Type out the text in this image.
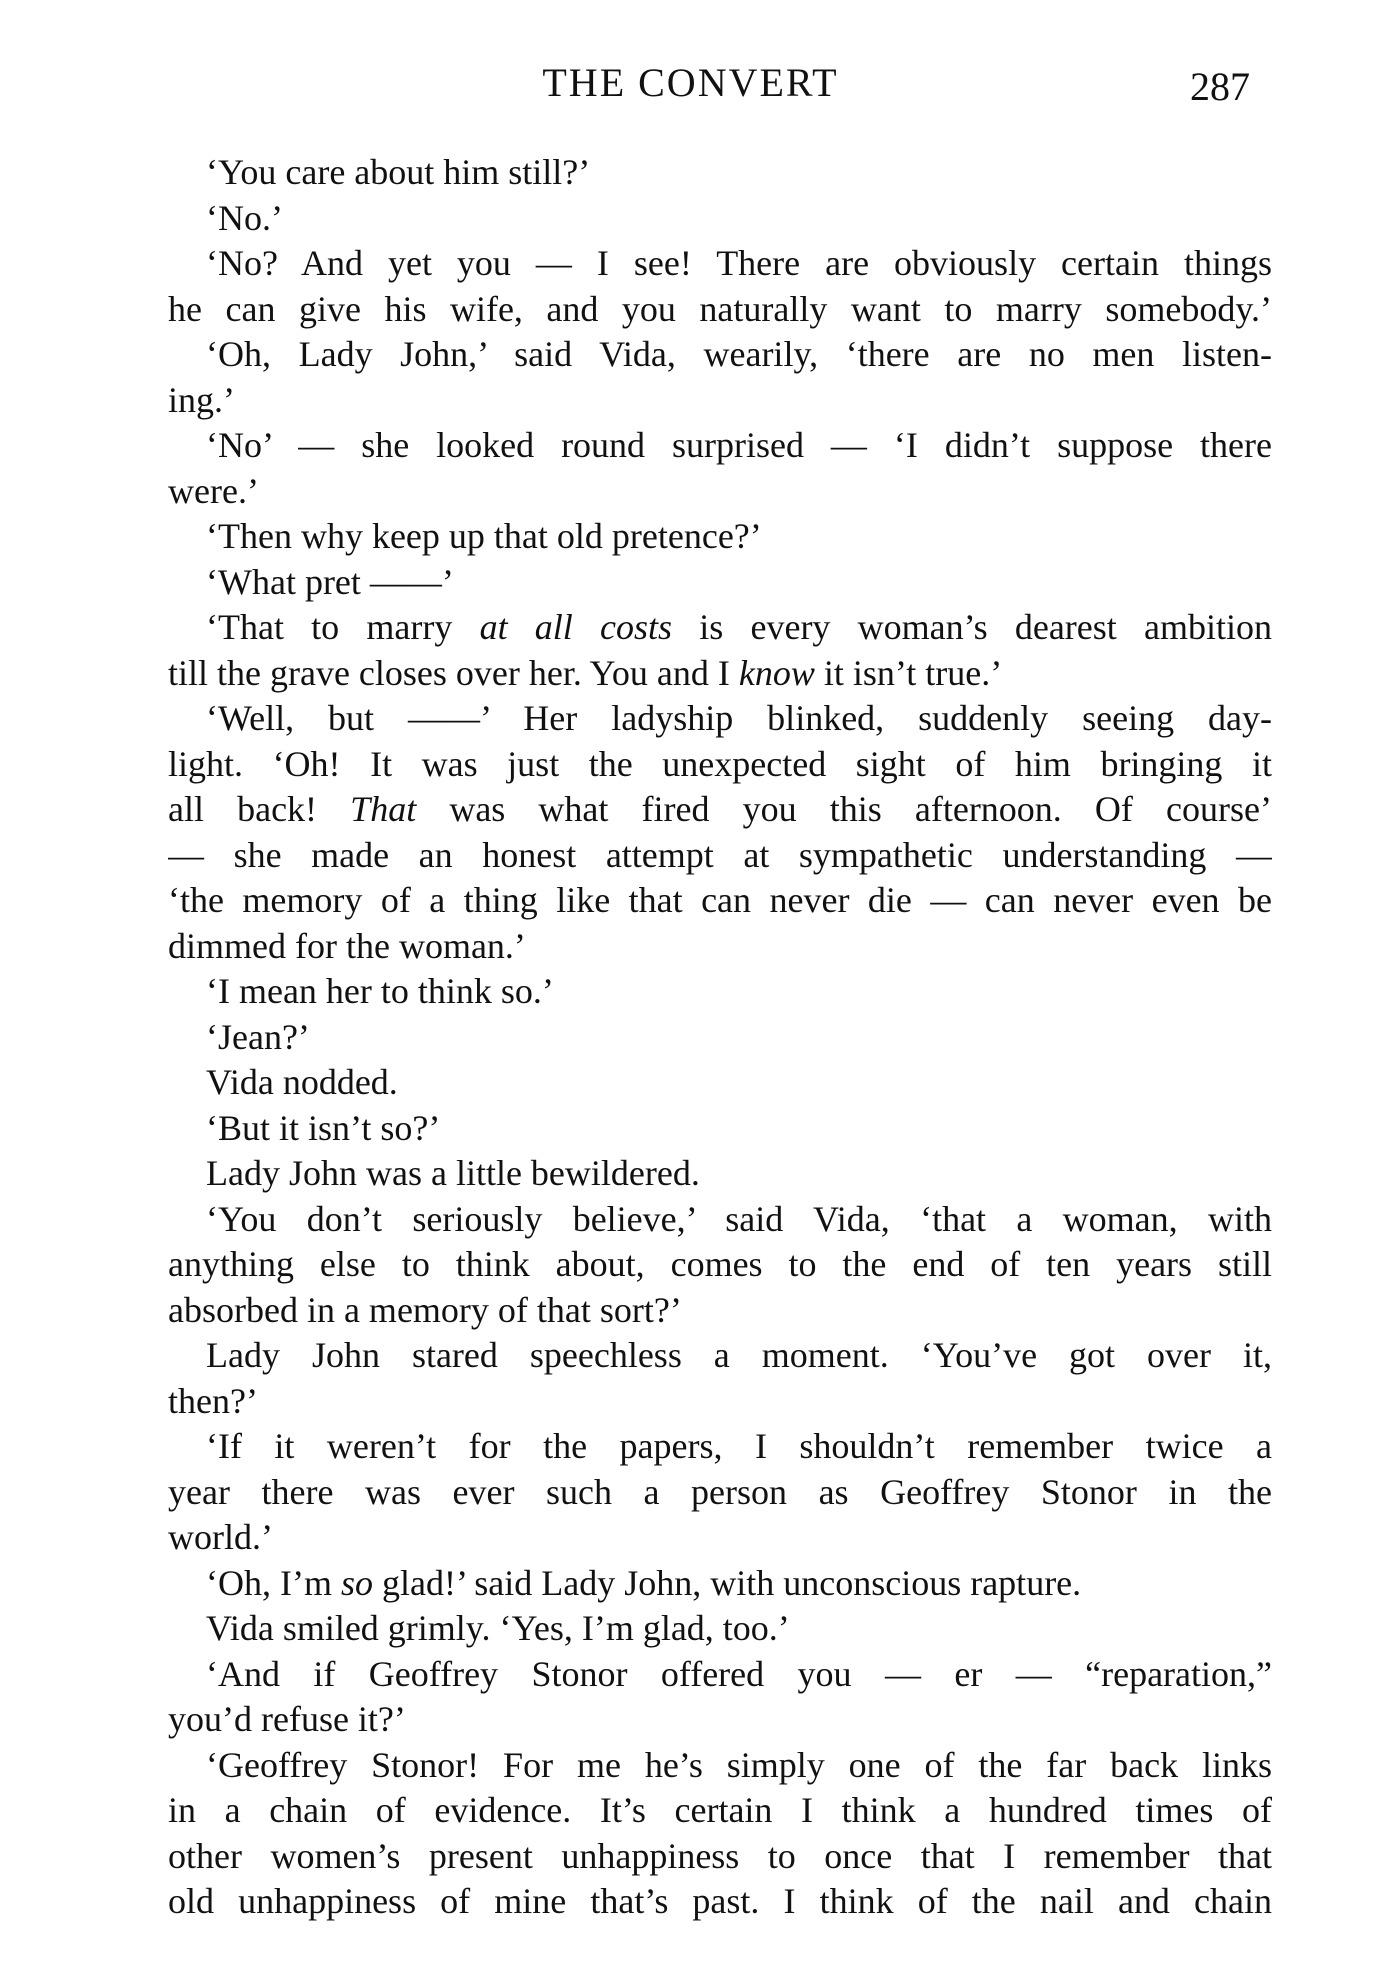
THE CONVERT	287
‘You care about him still?’
‘No.’
‘No? And yet you — I see! There are obviously certain things
he can give his wife, and you naturally want to marry somebody.’
‘Oh, Lady John,’ said Vida, wearily, ‘there are no men listen-
ing.’
‘No’ — she looked round surprised — ‘I didn’t suppose there
were.’
‘Then why keep up that old pretence?’
‘What pret ——’
‘That to marry at all costs is every woman’s dearest ambition
till the grave closes over her. You and I know it isn’t true.’
‘Well, but ——’ Her ladyship blinked, suddenly seeing day-
light. ‘Oh! It was just the unexpected sight of him bringing it
all back! That was what fired you this afternoon. Of course’
— she made an honest attempt at sympathetic understanding —
‘the memory of a thing like that can never die — can never even be
dimmed for the woman.’
‘I mean her to think so.’
‘Jean?’
Vida nodded.
‘But it isn’t so?’
Lady John was a little bewildered.
‘You don’t seriously believe,’ said Vida, ‘that a woman, with
anything else to think about, comes to the end of ten years still
absorbed in a memory of that sort?’
Lady John stared speechless a moment. ‘You’ve got over it,
then?’
‘If it weren’t for the papers, I shouldn’t remember twice a
year there was ever such a person as Geoffrey Stonor in the
world.’
‘Oh, I’m so glad!’ said Lady John, with unconscious rapture.
Vida smiled grimly. ‘Yes, I’m glad, too.’
‘And if Geoffrey Stonor offered you — er — “reparation,”
you’d refuse it?’
‘Geoffrey Stonor! For me he’s simply one of the far back links
in a chain of evidence. It’s certain I think a hundred times of
other women’s present unhappiness to once that I remember that
old unhappiness of mine that’s past. I think of the nail and chain
